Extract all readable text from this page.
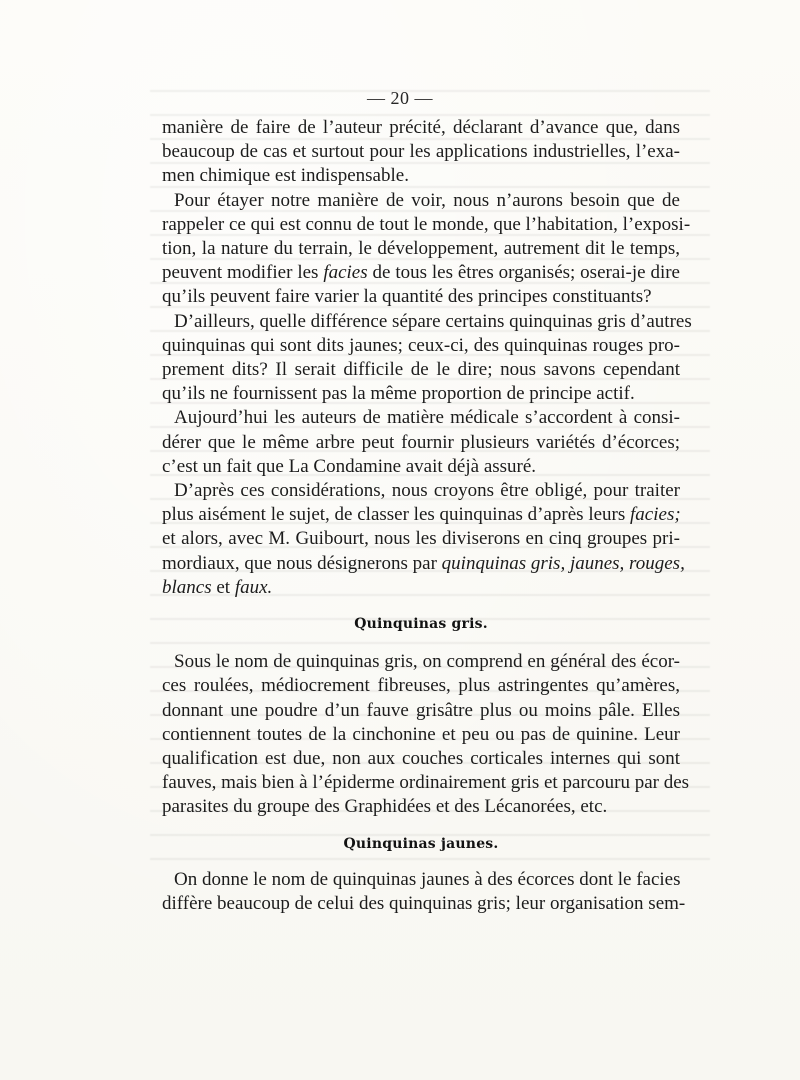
— 20 —
manière de faire de l’auteur précité, déclarant d’avance que, dans
beaucoup de cas et surtout pour les applications industrielles, l’exa-
men chimique est indispensable.
Pour étayer notre manière de voir, nous n’aurons besoin que de
rappeler ce qui est connu de tout le monde, que l’habitation, l’exposi-
tion, la nature du terrain, le développement, autrement dit le temps,
peuvent modifier les facies de tous les êtres organisés; oserai-je dire
qu’ils peuvent faire varier la quantité des principes constituants?
D’ailleurs, quelle différence sépare certains quinquinas gris d’autres
quinquinas qui sont dits jaunes; ceux-ci, des quinquinas rouges pro-
prement dits? Il serait difficile de le dire; nous savons cependant
qu’ils ne fournissent pas la même proportion de principe actif.
Aujourd’hui les auteurs de matière médicale s’accordent à consi-
dérer que le même arbre peut fournir plusieurs variétés d’écorces;
c’est un fait que La Condamine avait déjà assuré.
D’après ces considérations, nous croyons être obligé, pour traiter
plus aisément le sujet, de classer les quinquinas d’après leurs facies;
et alors, avec M. Guibourt, nous les diviserons en cinq groupes pri-
mordiaux, que nous désignerons par quinquinas gris, jaunes, rouges,
blancs et faux.
Quinquinas gris.
Sous le nom de quinquinas gris, on comprend en général des écor-
ces roulées, médiocrement fibreuses, plus astringentes qu’amères,
donnant une poudre d’un fauve grisâtre plus ou moins pâle. Elles
contiennent toutes de la cinchonine et peu ou pas de quinine. Leur
qualification est due, non aux couches corticales internes qui sont
fauves, mais bien à l’épiderme ordinairement gris et parcouru par des
parasites du groupe des Graphidées et des Lécanorées, etc.
Quinquinas jaunes.
On donne le nom de quinquinas jaunes à des écorces dont le facies
diffère beaucoup de celui des quinquinas gris; leur organisation sem-
